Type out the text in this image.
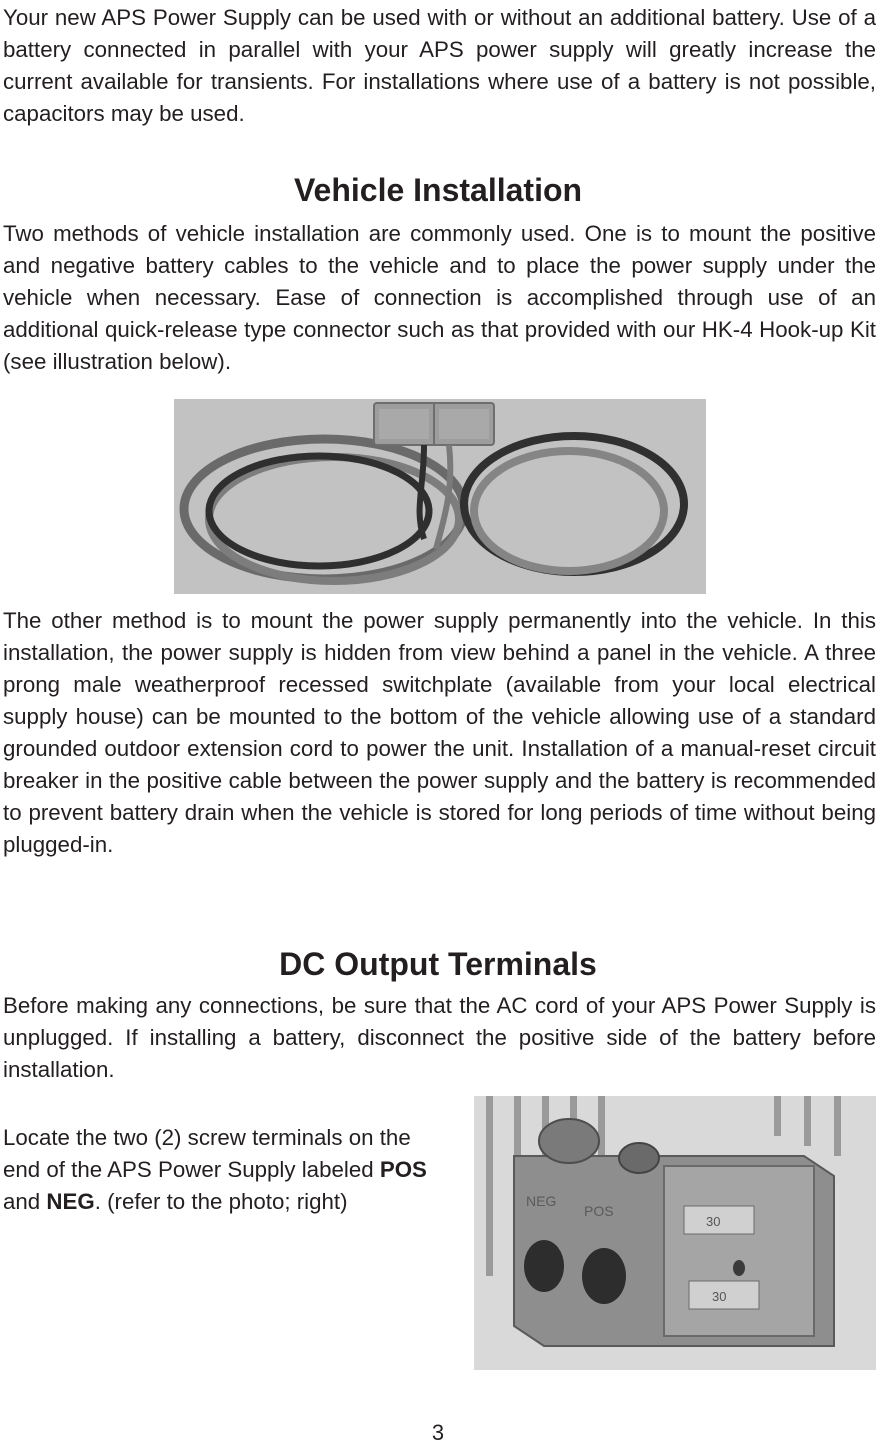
Your new APS Power Supply can be used with or without an additional battery. Use of a battery connected in parallel with your APS power supply will greatly increase the current available for transients. For installations where use of a battery is not possible, capacitors may be used.

Vehicle Installation

Two methods of vehicle installation are commonly used. One is to mount the positive and negative battery cables to the vehicle and to place the power supply under the vehicle when necessary. Ease of connection is accomplished through use of an additional quick-release type connector such as that provided with our HK-4 Hook-up Kit (see illustration below).

The other method is to mount the power supply permanently into the vehicle. In this installation, the power supply is hidden from view behind a panel in the vehicle. A three prong male weatherproof recessed switchplate (available from your local electrical supply house) can be mounted to the bottom of the vehicle allowing use of a standard grounded outdoor extension cord to power the unit. Installation of a manual-reset circuit breaker in the positive cable between the power supply and the battery is recommended to prevent battery drain when the vehicle is stored for long periods of time without being plugged-in.

DC Output Terminals

Before making any connections, be sure that the AC cord of your APS Power Supply is unplugged. If installing a battery, disconnect the positive side of the battery before installation.

Locate the two (2) screw terminals on the end of the APS Power Supply labeled POS and NEG. (refer to the photo; right)	NEG
POS
30
30
3
